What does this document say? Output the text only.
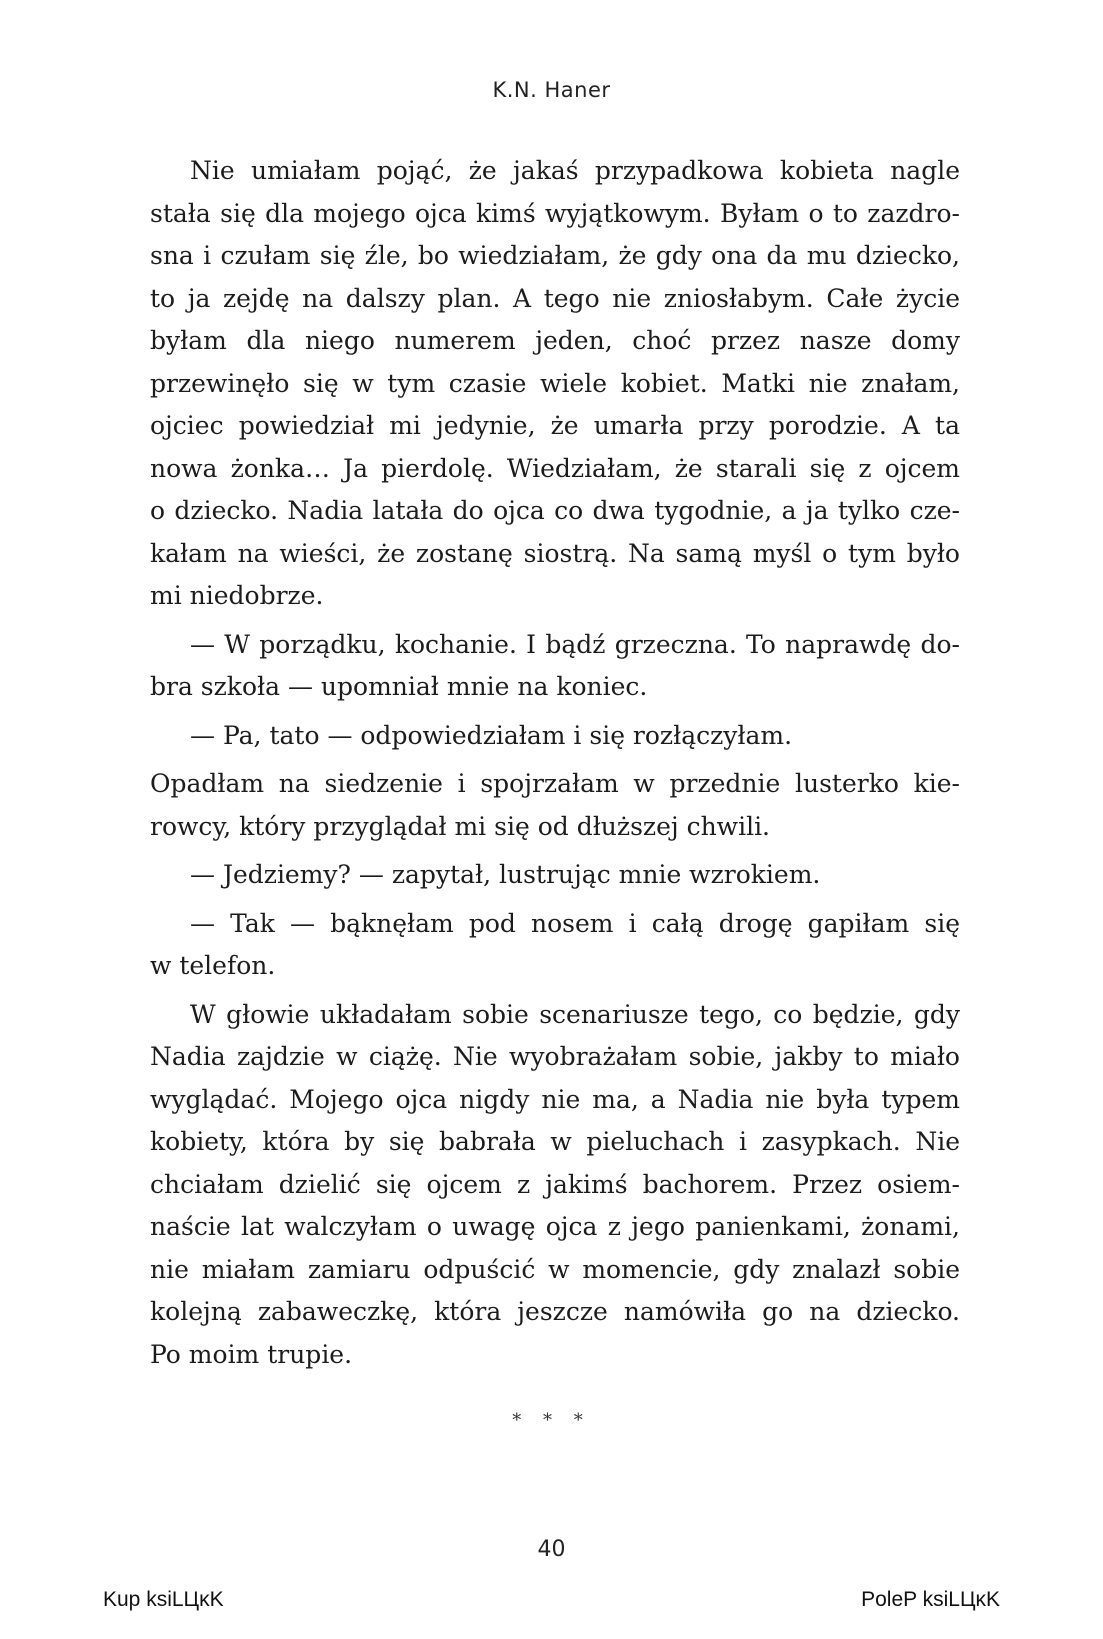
K.N. Haner
Nie umiałam pojąć, że jakaś przypadkowa kobieta nagle
stała się dla mojego ojca kimś wyjątkowym. Byłam o to zazdro-
sna i czułam się źle, bo wiedziałam, że gdy ona da mu dziecko,
to ja zejdę na dalszy plan. A tego nie zniosłabym. Całe życie
byłam dla niego numerem jeden, choć przez nasze domy
przewinęło się w tym czasie wiele kobiet. Matki nie znałam,
ojciec powiedział mi jedynie, że umarła przy porodzie. A ta
nowa żonka… Ja pierdolę. Wiedziałam, że starali się z ojcem
o dziecko. Nadia latała do ojca co dwa tygodnie, a ja tylko cze-
kałam na wieści, że zostanę siostrą. Na samą myśl o tym było
mi niedobrze.
— W porządku, kochanie. I bądź grzeczna. To naprawdę do-
bra szkoła — upomniał mnie na koniec.
— Pa, tato — odpowiedziałam i się rozłączyłam.
Opadłam na siedzenie i spojrzałam w przednie lusterko kie-
rowcy, który przyglądał mi się od dłuższej chwili.
— Jedziemy? — zapytał, lustrując mnie wzrokiem.
— Tak — bąknęłam pod nosem i całą drogę gapiłam się
w telefon.
W głowie układałam sobie scenariusze tego, co będzie, gdy
Nadia zajdzie w ciążę. Nie wyobrażałam sobie, jakby to miało
wyglądać. Mojego ojca nigdy nie ma, a Nadia nie była typem
kobiety, która by się babrała w pieluchach i zasypkach. Nie
chciałam dzielić się ojcem z jakimś bachorem. Przez osiem-
naście lat walczyłam o uwagę ojca z jego panienkami, żonami,
nie miałam zamiaru odpuścić w momencie, gdy znalazł sobie
kolejną zabaweczkę, która jeszcze namówiła go na dziecko.
Po moim trupie.
* * *
40
Kup ksiLЦĸK	PoleP ksiLЦĸK
